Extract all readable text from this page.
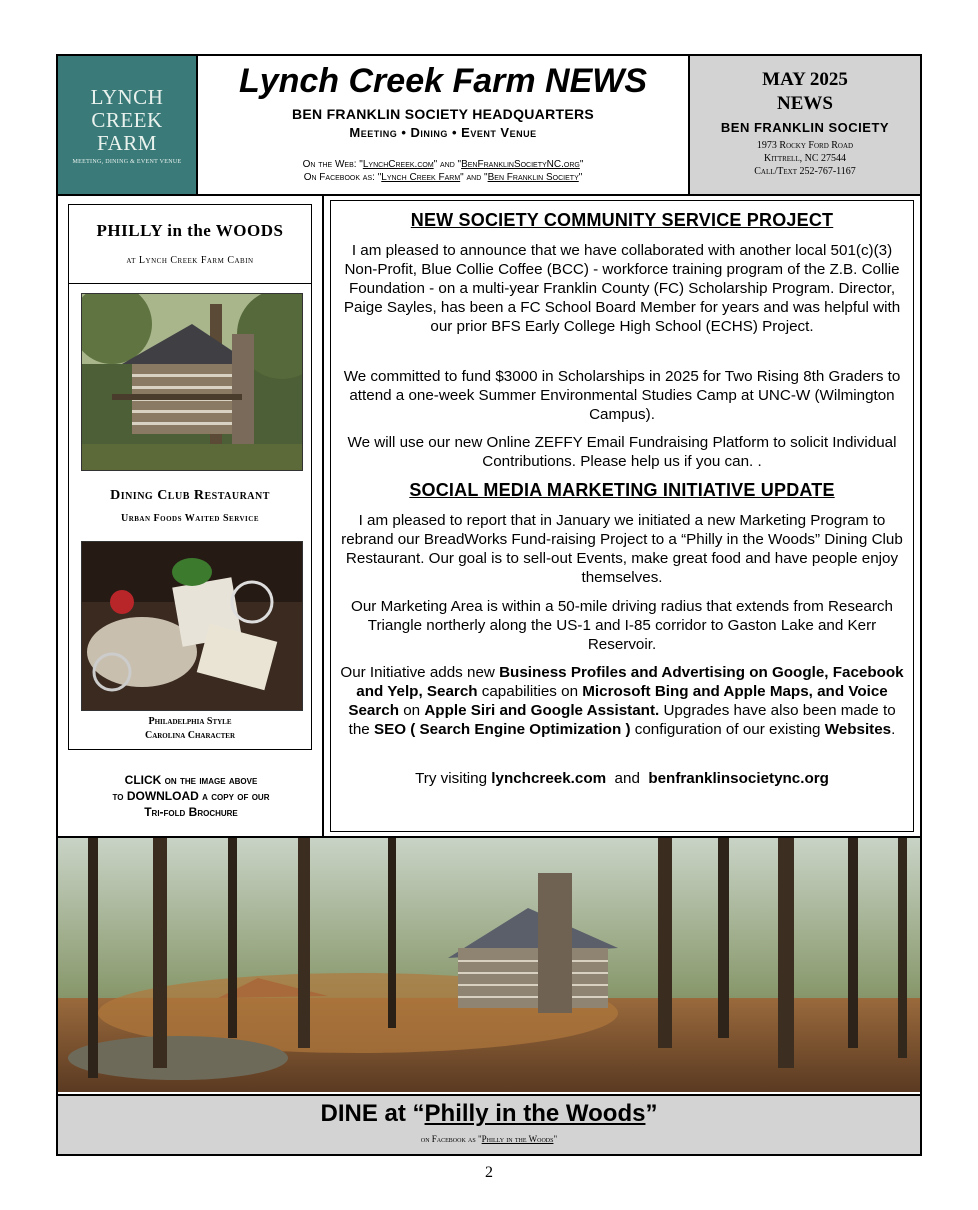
LYNCH
CREEK
FARM
MEETING, DINING & EVENT VENUE
Lynch Creek Farm NEWS
BEN FRANKLIN SOCIETY HEADQUARTERS
Meeting • Dining • Event Venue
On the Web: "LynchCreek.com" and "BenFranklinSocietyNC.org"
On Facebook as: "Lynch Creek Farm" and "Ben Franklin Society"
MAY 2025
NEWS
BEN FRANKLIN SOCIETY
1973 Rocky Ford Road
Kittrell, NC 27544
Call/Text 252-767-1167
PHILLY in the WOODS
at Lynch Creek Farm Cabin
Dining Club Restaurant
Urban Foods Waited Service
Philadelphia Style
Carolina Character
CLICK on the image above
to DOWNLOAD a copy of our
Tri-fold Brochure
NEW SOCIETY COMMUNITY SERVICE PROJECT

I am pleased to announce that we have collaborated with another local 501(c)(3) Non-Profit, Blue Collie Coffee (BCC) - workforce training program of the Z.B. Collie Foundation - on a multi-year Franklin County (FC) Scholarship Program. Director, Paige Sayles, has been a FC School Board Member for years and was helpful with our prior BFS Early College High School (ECHS) Project.

We committed to fund $3000 in Scholarships in 2025 for Two Rising 8th Graders to attend a one-week Summer Environmental Studies Camp at UNC-W (Wilmington Campus).

We will use our new Online ZEFFY Email Fundraising Platform to solicit Individual Contributions. Please help us if you can. .

SOCIAL MEDIA MARKETING INITIATIVE UPDATE

I am pleased to report that in January we initiated a new Marketing Program to rebrand our BreadWorks Fund-raising Project to a “Philly in the Woods” Dining Club Restaurant. Our goal is to sell-out Events, make great food and have people enjoy themselves.

Our Marketing Area is within a 50-mile driving radius that extends from Research Triangle northerly along the US-1 and I-85 corridor to Gaston Lake and Kerr Reservoir.

Our Initiative adds new Business Profiles and Advertising on Google, Facebook and Yelp, Search capabilities on Microsoft Bing and Apple Maps, and Voice Search on Apple Siri and Google Assistant. Upgrades have also been made to the SEO ( Search Engine Optimization ) configuration of our existing Websites.

Try visiting lynchcreek.com  and  benfranklinsocietync.org

DINE at “Philly in the Woods”
on Facebook as "Philly in the Woods"
2
